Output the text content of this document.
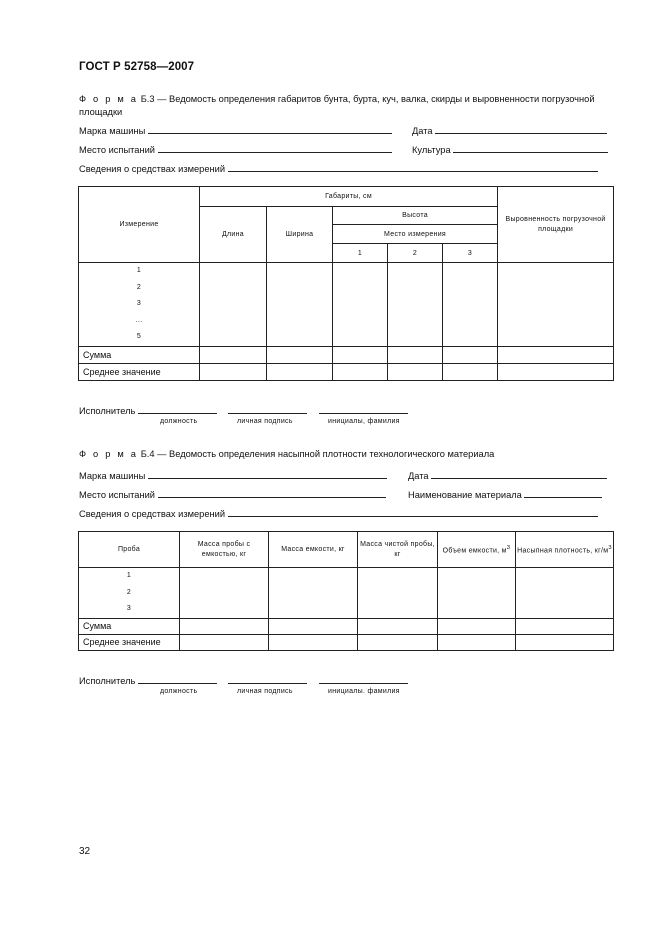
ГОСТ Р 52758—2007
Ф о р м а Б.3 — Ведомость определения габаритов бунта, бурта, куч, валка, скирды и выровненности погрузочной площадки
Марка машины	Дата
Место испытаний	Культура
Сведения о средствах измерений
Измерение	Габариты, см					Выровненность погрузочной площадки
	Длина	Ширина	Высота			
			Место измерения			
			1	2	3	

1
2
3
...
5						

Сумма						
Среднее значение						
Исполнитель
должность	личная подпись	инициалы, фамилия
Ф о р м а Б.4 — Ведомость определения насыпной плотности технологического материала
Марка машины	Дата
Место испытаний	Наименование материала
Сведения о средствах измерений
Проба	Масса пробы с емкостью, кг	Масса емкости, кг	Масса чистой пробы, кг	Объем емкости, $м^3$	Насыпная плотность, $кг/м^3$

1
2
3					

Сумма					
Среднее значение					
Исполнитель
должность	личная подпись	инициалы. фамилия
32
